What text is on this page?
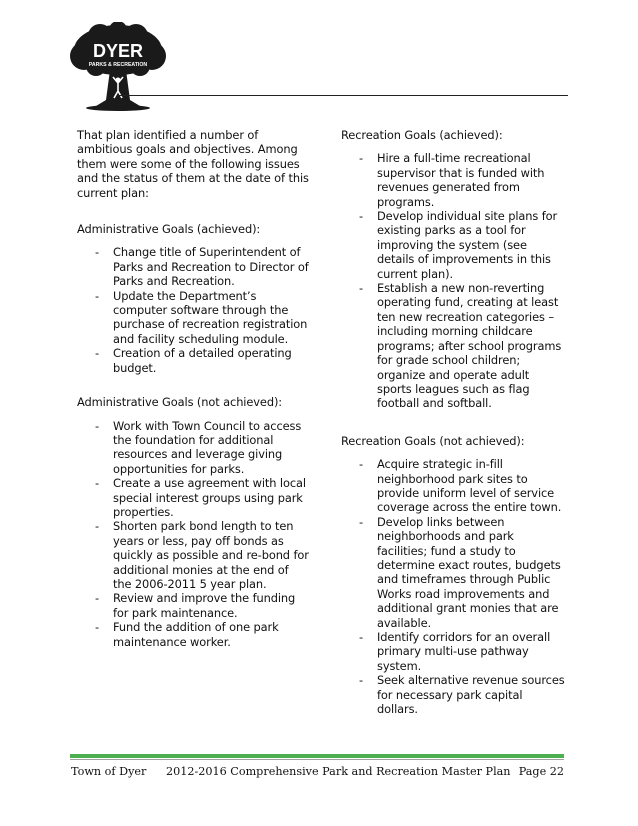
DYER
PARKS & RECREATION

That plan identified a number of ambitious goals and objectives. Among them were some of the following issues and the status of them at the date of this current plan:

Administrative Goals (achieved):

- Change title of Superintendent of Parks and Recreation to Director of Parks and Recreation.
- Update the Department’s computer software through the purchase of recreation registration and facility scheduling module.
- Creation of a detailed operating budget.

Administrative Goals (not achieved):

- Work with Town Council to access the foundation for additional resources and leverage giving opportunities for parks.
- Create a use agreement with local special interest groups using park properties.
- Shorten park bond length to ten years or less, pay off bonds as quickly as possible and re-bond for additional monies at the end of the 2006-2011 5 year plan.
- Review and improve the funding for park maintenance.
- Fund the addition of one park maintenance worker.

Recreation Goals (achieved):

- Hire a full-time recreational supervisor that is funded with revenues generated from programs.
- Develop individual site plans for existing parks as a tool for improving the system (see details of improvements in this current plan).
- Establish a new non-reverting operating fund, creating at least ten new recreation categories – including morning childcare programs; after school programs for grade school children; organize and operate adult sports leagues such as flag football and softball.

Recreation Goals (not achieved):

- Acquire strategic in-fill neighborhood park sites to provide uniform level of service coverage across the entire town.
- Develop links between neighborhoods and park facilities; fund a study to determine exact routes, budgets and timeframes through Public Works road improvements and additional grant monies that are available.
- Identify corridors for an overall primary multi-use pathway system.
- Seek alternative revenue sources for necessary park capital dollars.
Town of Dyer 2012-2016 Comprehensive Park and Recreation Master Plan Page 22
